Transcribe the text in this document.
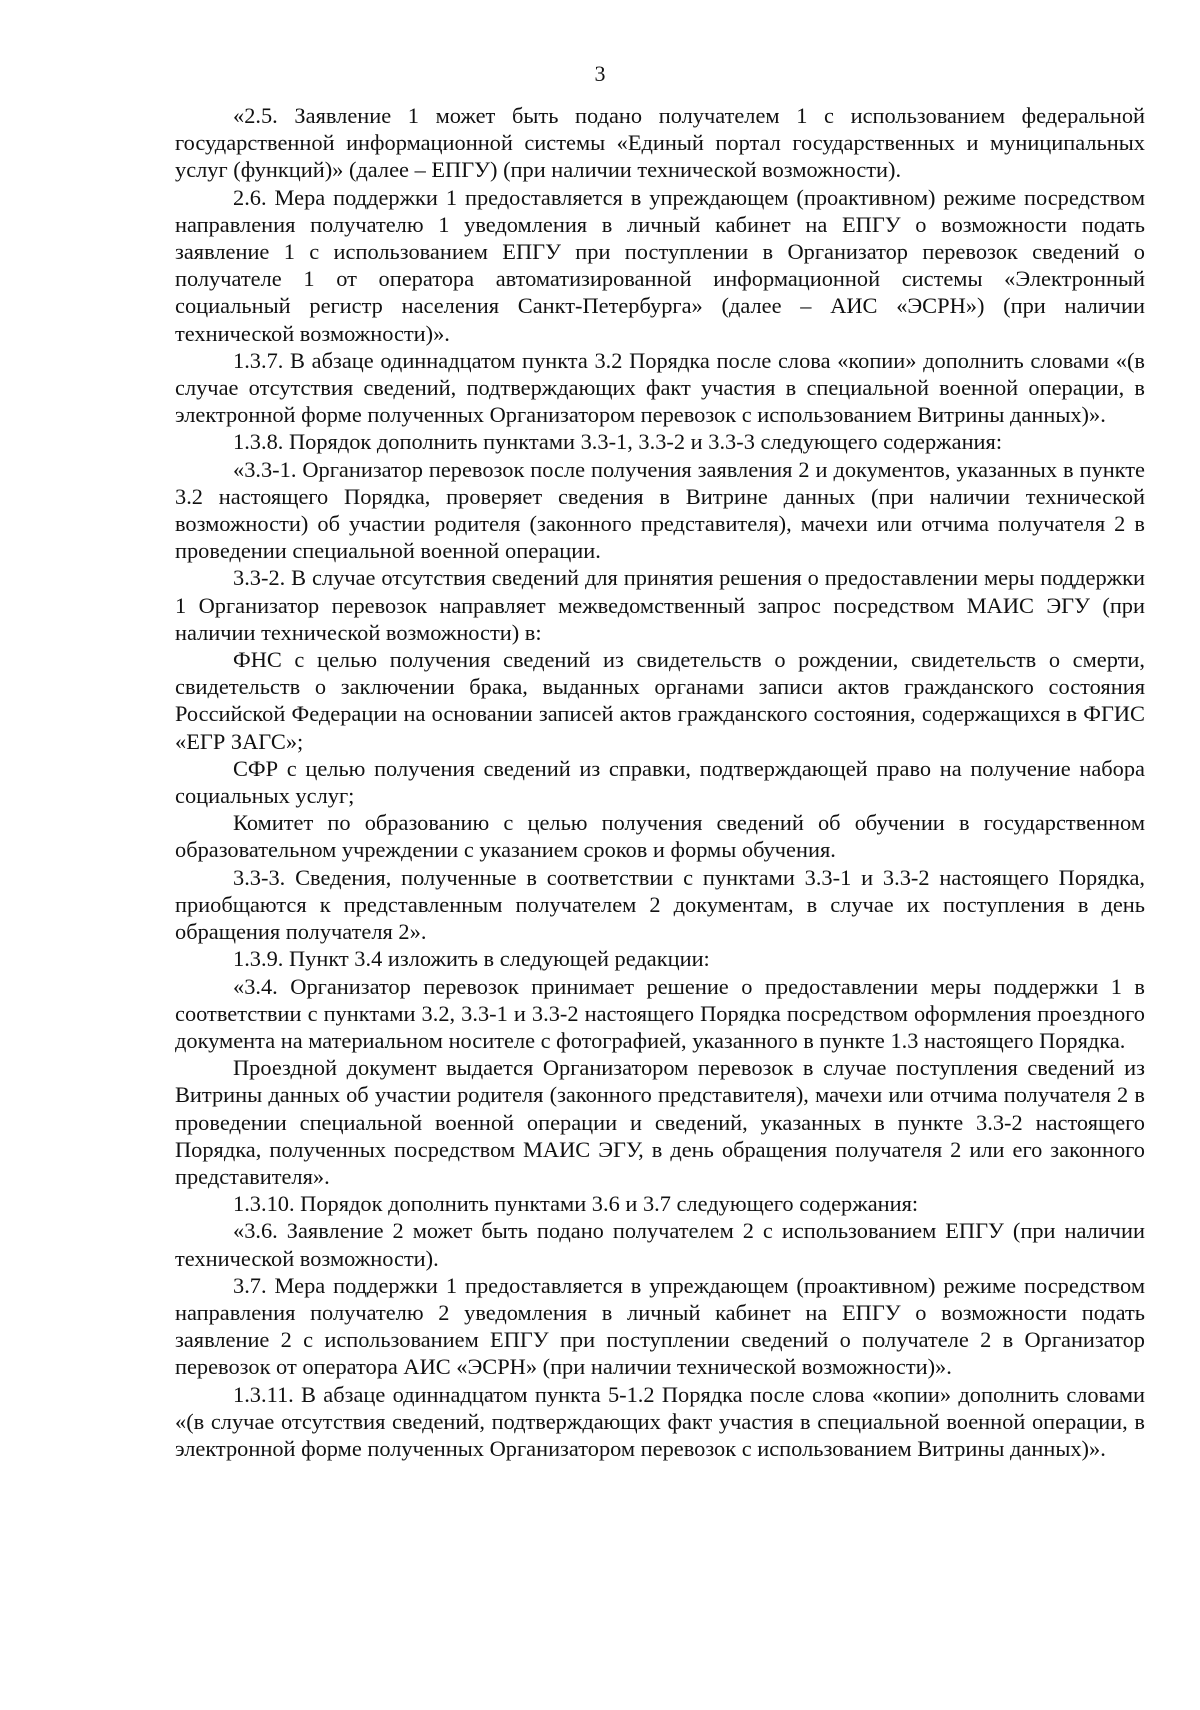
3

«2.5. Заявление 1 может быть подано получателем 1 с использованием федеральной государственной информационной системы «Единый портал государственных и муниципальных услуг (функций)» (далее – ЕПГУ) (при наличии технической возможности).

2.6. Мера поддержки 1 предоставляется в упреждающем (проактивном) режиме посредством направления получателю 1 уведомления в личный кабинет на ЕПГУ о возможности подать заявление 1 с использованием ЕПГУ при поступлении в Организатор перевозок сведений о получателе 1 от оператора автоматизированной информационной системы «Электронный социальный регистр населения Санкт-Петербурга» (далее – АИС «ЭСРН») (при наличии технической возможности)».

1.3.7. В абзаце одиннадцатом пункта 3.2 Порядка после слова «копии» дополнить словами «(в случае отсутствия сведений, подтверждающих факт участия в специальной военной операции, в электронной форме полученных Организатором перевозок с использованием Витрины данных)».

1.3.8. Порядок дополнить пунктами 3.3-1, 3.3-2 и 3.3-3 следующего содержания:

«3.3-1. Организатор перевозок после получения заявления 2 и документов, указанных в пункте 3.2 настоящего Порядка, проверяет сведения в Витрине данных (при наличии технической возможности) об участии родителя (законного представителя), мачехи или отчима получателя 2 в проведении специальной военной операции.

3.3-2. В случае отсутствия сведений для принятия решения о предоставлении меры поддержки 1 Организатор перевозок направляет межведомственный запрос посредством МАИС ЭГУ (при наличии технической возможности) в:

ФНС с целью получения сведений из свидетельств о рождении, свидетельств о смерти, свидетельств о заключении брака, выданных органами записи актов гражданского состояния Российской Федерации на основании записей актов гражданского состояния, содержащихся в ФГИС «ЕГР ЗАГС»;

СФР с целью получения сведений из справки, подтверждающей право на получение набора социальных услуг;

Комитет по образованию с целью получения сведений об обучении в государственном образовательном учреждении с указанием сроков и формы обучения.

3.3-3. Сведения, полученные в соответствии с пунктами 3.3-1 и 3.3-2 настоящего Порядка, приобщаются к представленным получателем 2 документам, в случае их поступления в день обращения получателя 2».

1.3.9. Пункт 3.4 изложить в следующей редакции:

«3.4. Организатор перевозок принимает решение о предоставлении меры поддержки 1 в соответствии с пунктами 3.2, 3.3-1 и 3.3-2 настоящего Порядка посредством оформления проездного документа на материальном носителе с фотографией, указанного в пункте 1.3 настоящего Порядка.

Проездной документ выдается Организатором перевозок в случае поступления сведений из Витрины данных об участии родителя (законного представителя), мачехи или отчима получателя 2 в проведении специальной военной операции и сведений, указанных в пункте 3.3-2 настоящего Порядка, полученных посредством МАИС ЭГУ, в день обращения получателя 2 или его законного представителя».

1.3.10. Порядок дополнить пунктами 3.6 и 3.7 следующего содержания:

«3.6. Заявление 2 может быть подано получателем 2 с использованием ЕПГУ (при наличии технической возможности).

3.7. Мера поддержки 1 предоставляется в упреждающем (проактивном) режиме посредством направления получателю 2 уведомления в личный кабинет на ЕПГУ о возможности подать заявление 2 с использованием ЕПГУ при поступлении сведений о получателе 2 в Организатор перевозок от оператора АИС «ЭСРН» (при наличии технической возможности)».

1.3.11. В абзаце одиннадцатом пункта 5-1.2 Порядка после слова «копии» дополнить словами «(в случае отсутствия сведений, подтверждающих факт участия в специальной военной операции, в электронной форме полученных Организатором перевозок с использованием Витрины данных)».
